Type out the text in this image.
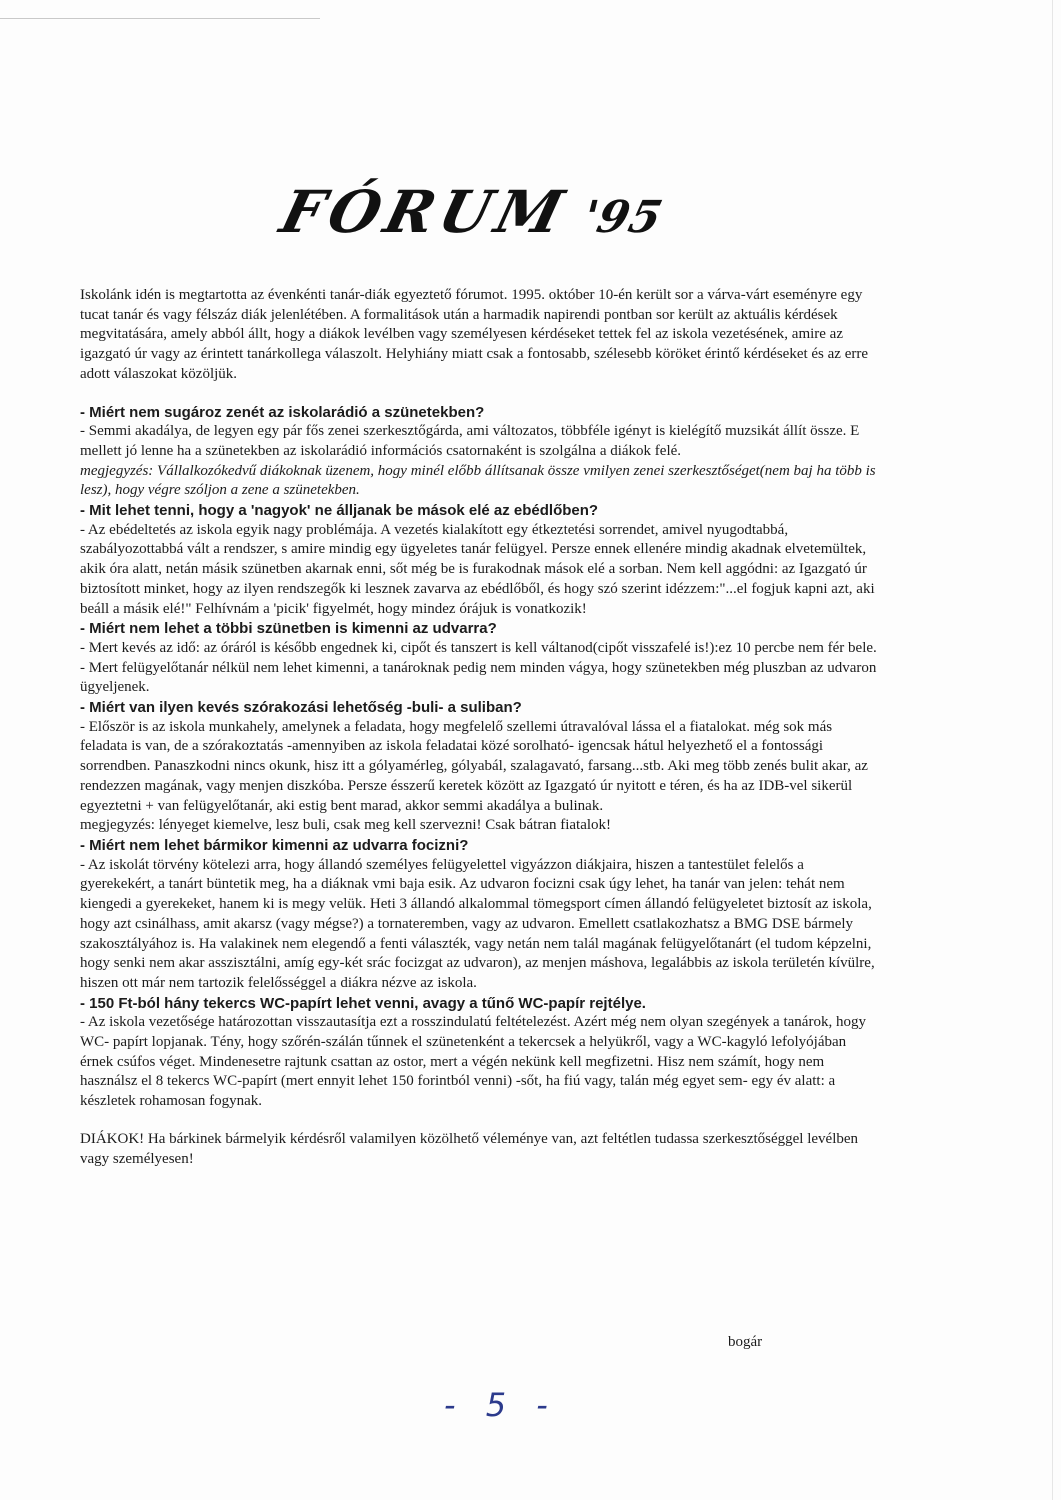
FÓRUM'95

Iskolánk idén is megtartotta az évenkénti tanár-diák egyeztető fórumot. 1995. október 10-én került sor a várva-várt eseményre egy tucat tanár és vagy félszáz diák jelenlétében. A formalitások után a harmadik napirendi pontban sor került az aktuális kérdések megvitatására, amely abból állt, hogy a diákok levélben vagy személyesen kérdéseket tettek fel az iskola vezetésének, amire az igazgató úr vagy az érintett tanárkollega válaszolt. Helyhiány miatt csak a fontosabb, szélesebb köröket érintő kérdéseket és az erre adott válaszokat közöljük.

- Miért nem sugároz zenét az iskolarádió a szünetekben?

- Semmi akadálya, de legyen egy pár fős zenei szerkesztőgárda, ami változatos, többféle igényt is kielégítő muzsikát állít össze. E mellett jó lenne ha a szünetekben az iskolarádió információs csatornaként is szolgálna a diákok felé.

megjegyzés: Vállalkozókedvű diákoknak üzenem, hogy minél előbb állítsanak össze vmilyen zenei szerkesztőséget(nem baj ha több is lesz), hogy végre szóljon a zene a szünetekben.

- Mit lehet tenni, hogy a 'nagyok' ne álljanak be mások elé az ebédlőben?

- Az ebédeltetés az iskola egyik nagy problémája. A vezetés kialakított egy étkeztetési sorrendet, amivel nyugodtabbá, szabályozottabbá vált a rendszer, s amire mindig egy ügyeletes tanár felügyel. Persze ennek ellenére mindig akadnak elvetemültek, akik óra alatt, netán másik szünetben akarnak enni, sőt még be is furakodnak mások elé a sorban. Nem kell aggódni: az Igazgató úr biztosított minket, hogy az ilyen rendszegők ki lesznek zavarva az ebédlőből, és hogy szó szerint idézzem:"...el fogjuk kapni azt, aki beáll a másik elé!" Felhívnám a 'picik' figyelmét, hogy mindez órájuk is vonatkozik!

- Miért nem lehet a többi szünetben is kimenni az udvarra?

- Mert kevés az idő: az óráról is később engednek ki, cipőt és tanszert is kell váltanod(cipőt visszafelé is!):ez 10 percbe nem fér bele.

- Mert felügyelőtanár nélkül nem lehet kimenni, a tanároknak pedig nem minden vágya, hogy szünetekben még pluszban az udvaron ügyeljenek.

- Miért van ilyen kevés szórakozási lehetőség -buli- a suliban?

- Először is az iskola munkahely, amelynek a feladata, hogy megfelelő szellemi útravalóval lássa el a fiatalokat. még sok más feladata is van, de a szórakoztatás -amennyiben az iskola feladatai közé sorolható- igencsak hátul helyezhető el a fontossági sorrendben. Panaszkodni nincs okunk, hisz itt a gólyamérleg, gólyabál, szalagavató, farsang...stb. Aki meg több zenés bulit akar, az rendezzen magának, vagy menjen diszkóba. Persze ésszerű keretek között az Igazgató úr nyitott e téren, és ha az IDB-vel sikerül egyeztetni + van felügyelőtanár, aki estig bent marad, akkor semmi akadálya a bulinak.

megjegyzés: lényeget kiemelve, lesz buli, csak meg kell szervezni! Csak bátran fiatalok!

- Miért nem lehet bármikor kimenni az udvarra focizni?

- Az iskolát törvény kötelezi arra, hogy állandó személyes felügyelettel vigyázzon diákjaira, hiszen a tantestület felelős a gyerekekért, a tanárt büntetik meg, ha a diáknak vmi baja esik. Az udvaron focizni csak úgy lehet, ha tanár van jelen: tehát nem kiengedi a gyerekeket, hanem ki is megy velük. Heti 3 állandó alkalommal tömegsport címen állandó felügyeletet biztosít az iskola, hogy azt csinálhass, amit akarsz (vagy mégse?) a tornateremben, vagy az udvaron. Emellett csatlakozhatsz a BMG DSE bármely szakosztályához is. Ha valakinek nem elegendő a fenti választék, vagy netán nem talál magának felügyelőtanárt (el tudom képzelni, hogy senki nem akar asszisztálni, amíg egy-két srác focizgat az udvaron), az menjen máshova, legalábbis az iskola területén kívülre, hiszen ott már nem tartozik felelősséggel a diákra nézve az iskola.

- 150 Ft-ból hány tekercs WC-papírt lehet venni, avagy a tűnő WC-papír rejtélye.

- Az iskola vezetősége határozottan visszautasítja ezt a rosszindulatú feltételezést. Azért még nem olyan szegények a tanárok, hogy WC- papírt lopjanak. Tény, hogy szőrén-szálán tűnnek el szünetenként a tekercsek a helyükről, vagy a WC-kagyló lefolyójában érnek csúfos véget. Mindenesetre rajtunk csattan az ostor, mert a végén nekünk kell megfizetni. Hisz nem számít, hogy nem használsz el 8 tekercs WC-papírt (mert ennyit lehet 150 forintból venni) -sőt, ha fiú vagy, talán még egyet sem- egy év alatt: a készletek rohamosan fogynak.

DIÁKOK! Ha bárkinek bármelyik kérdésről valamilyen közölhető véleménye van, azt feltétlen tudassa szerkesztőséggel levélben vagy személyesen!

bogár
- 5 -
